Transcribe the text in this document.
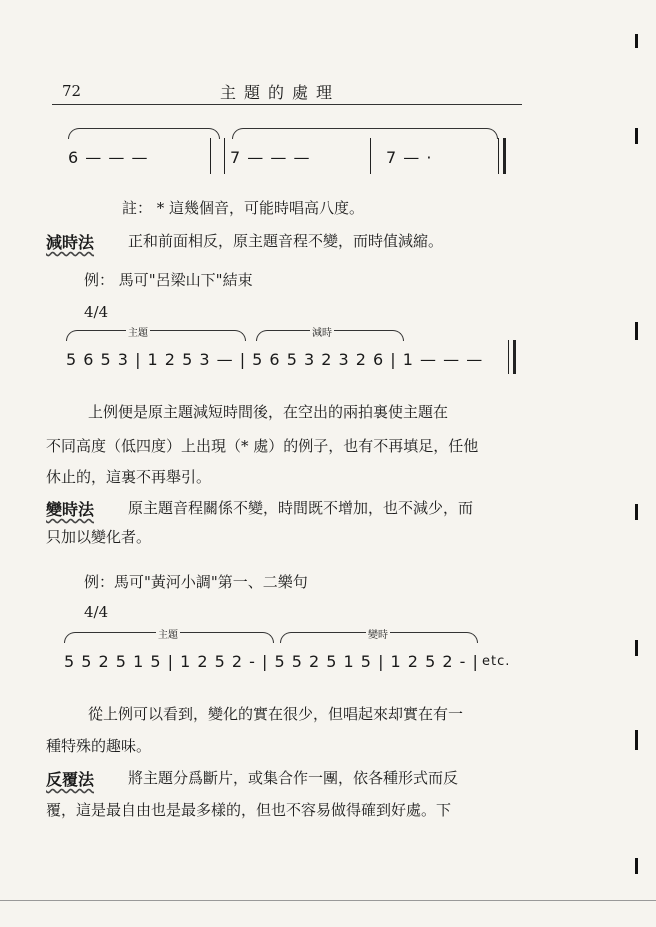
72	主題的處理
6 — — —	7 — — —	7 — ·
註： * 這幾個音，可能時唱高八度。
減時法 正和前面相反，原主題音程不變，而時值減縮。
例： 馬可"呂梁山下"結束
4/4
主題	減時
5 6 5 3 | 1 2 5 3 — | 5 6 5 3 2 3 2 6 | 1 — — —
上例便是原主題減短時間後，在空出的兩拍裏使主題在
不同高度（低四度）上出現（* 處）的例子，也有不再填足，任他
休止的，這裏不再舉引。
變時法 原主題音程關係不變，時間既不增加，也不減少，而
只加以變化者。
例：馬可"黃河小調"第一、二樂句
4/4
主題	變時
5 5 2 5 1 5 | 1 2 5 2 - | 5 5 2 5 1 5 | 1 2 5 2 - | etc.
從上例可以看到，變化的實在很少，但唱起來却實在有一
種特殊的趣味。
反覆法 將主題分爲斷片，或集合作一團，依各種形式而反
覆，這是最自由也是最多樣的，但也不容易做得確到好處。下
